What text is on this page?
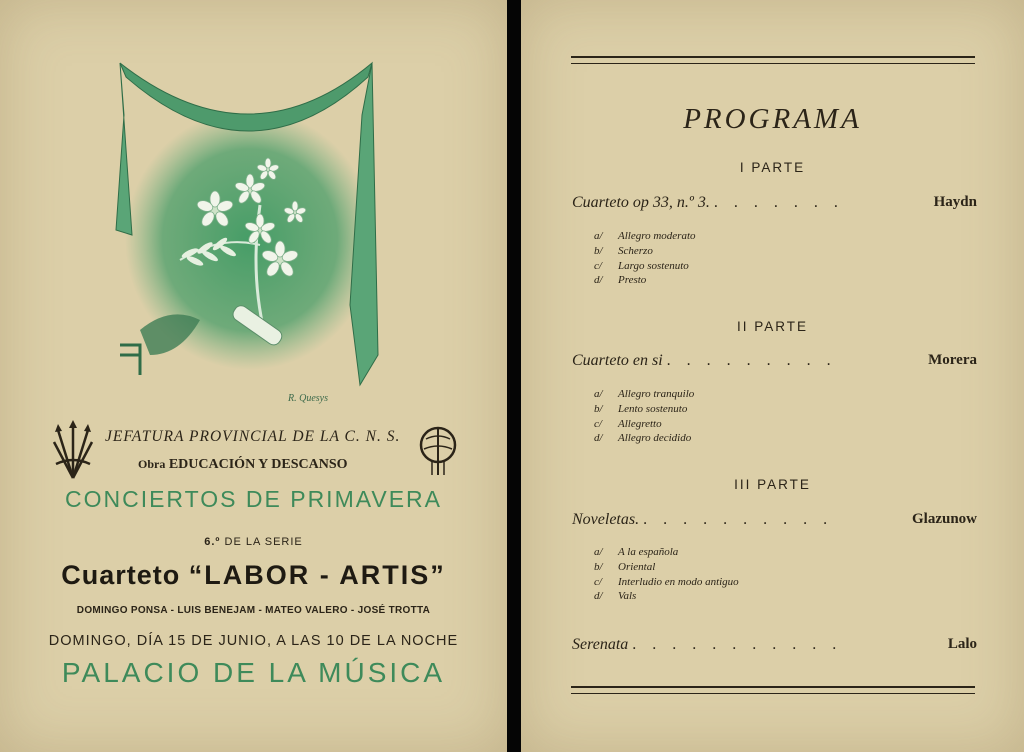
R. Quesys
JEFATURA PROVINCIAL DE LA C. N. S.
Obra EDUCACIÓN Y DESCANSO
CONCIERTOS DE PRIMAVERA
6.º DE LA SERIE
Cuarteto “LABOR - ARTIS”
DOMINGO PONSA - LUIS BENEJAM - MATEO VALERO - JOSÉ TROTTA
DOMINGO, DÍA 15 DE JUNIO, A LAS 10 DE LA NOCHE
PALACIO DE LA MÚSICA
PROGRAMA
I PARTE
Cuarteto op 33, n.º 3. . . . . . . .	Haydn
a/ Allegro moderato
b/ Scherzo
c/ Largo sostenuto
d/ Presto
II PARTE
Cuarteto en si . . . . . . . . .	Morera
a/ Allegro tranquilo
b/ Lento sostenuto
c/ Allegretto
d/ Allegro decidido
III PARTE
Noveletas. . . . . . . . . . .	Glazunow
a/ A la española
b/ Oriental
c/ Interludio en modo antiguo
d/ Vals
Serenata . . . . . . . . . . .	Lalo
